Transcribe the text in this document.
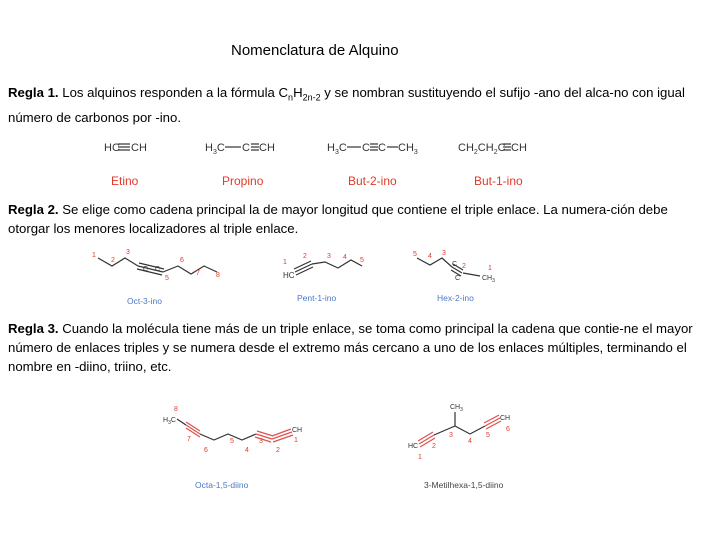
Nomenclatura de Alquino
Regla 1. Los alquinos responden a la fórmula $C_nH_{2n-2}$ y se nombran sustituyendo el sufijo -ano del alca-no con igual número de carbonos por -ino.
Regla 2. Se elige como cadena principal la de mayor longitud que contiene el triple enlace. La numera-ción debe otorgar los menores localizadores al triple enlace.
Regla 3. Cuando la molécula tiene más de un triple enlace, se toma como principal la cadena que contie-ne el mayor número de enlaces triples y se numera desde el extremo más cercano a uno de los enlaces múltiples, terminando el nombre en -diino, triino, etc.
HC CH
Etino
$H_3C$ C CH
Propino
$H_3C$ C C $CH_3$
But-2-ino
$CH_2CH_2C$ CH
But-1-ino
1
2
3
C C
5
6
7 8
Oct-3-ino
HC
1
2	3 4 5
Pent-1-ino
5 4 3
C 2
C
1
$CH_3$
Hex-2-ino
8
$H_3C$
CH
7
6
5
4
3
2
1
Octa-1,5-diino
$CH_3$
HC
CH
1
2
3
4
5
6
3-Metilhexa-1,5-diino
